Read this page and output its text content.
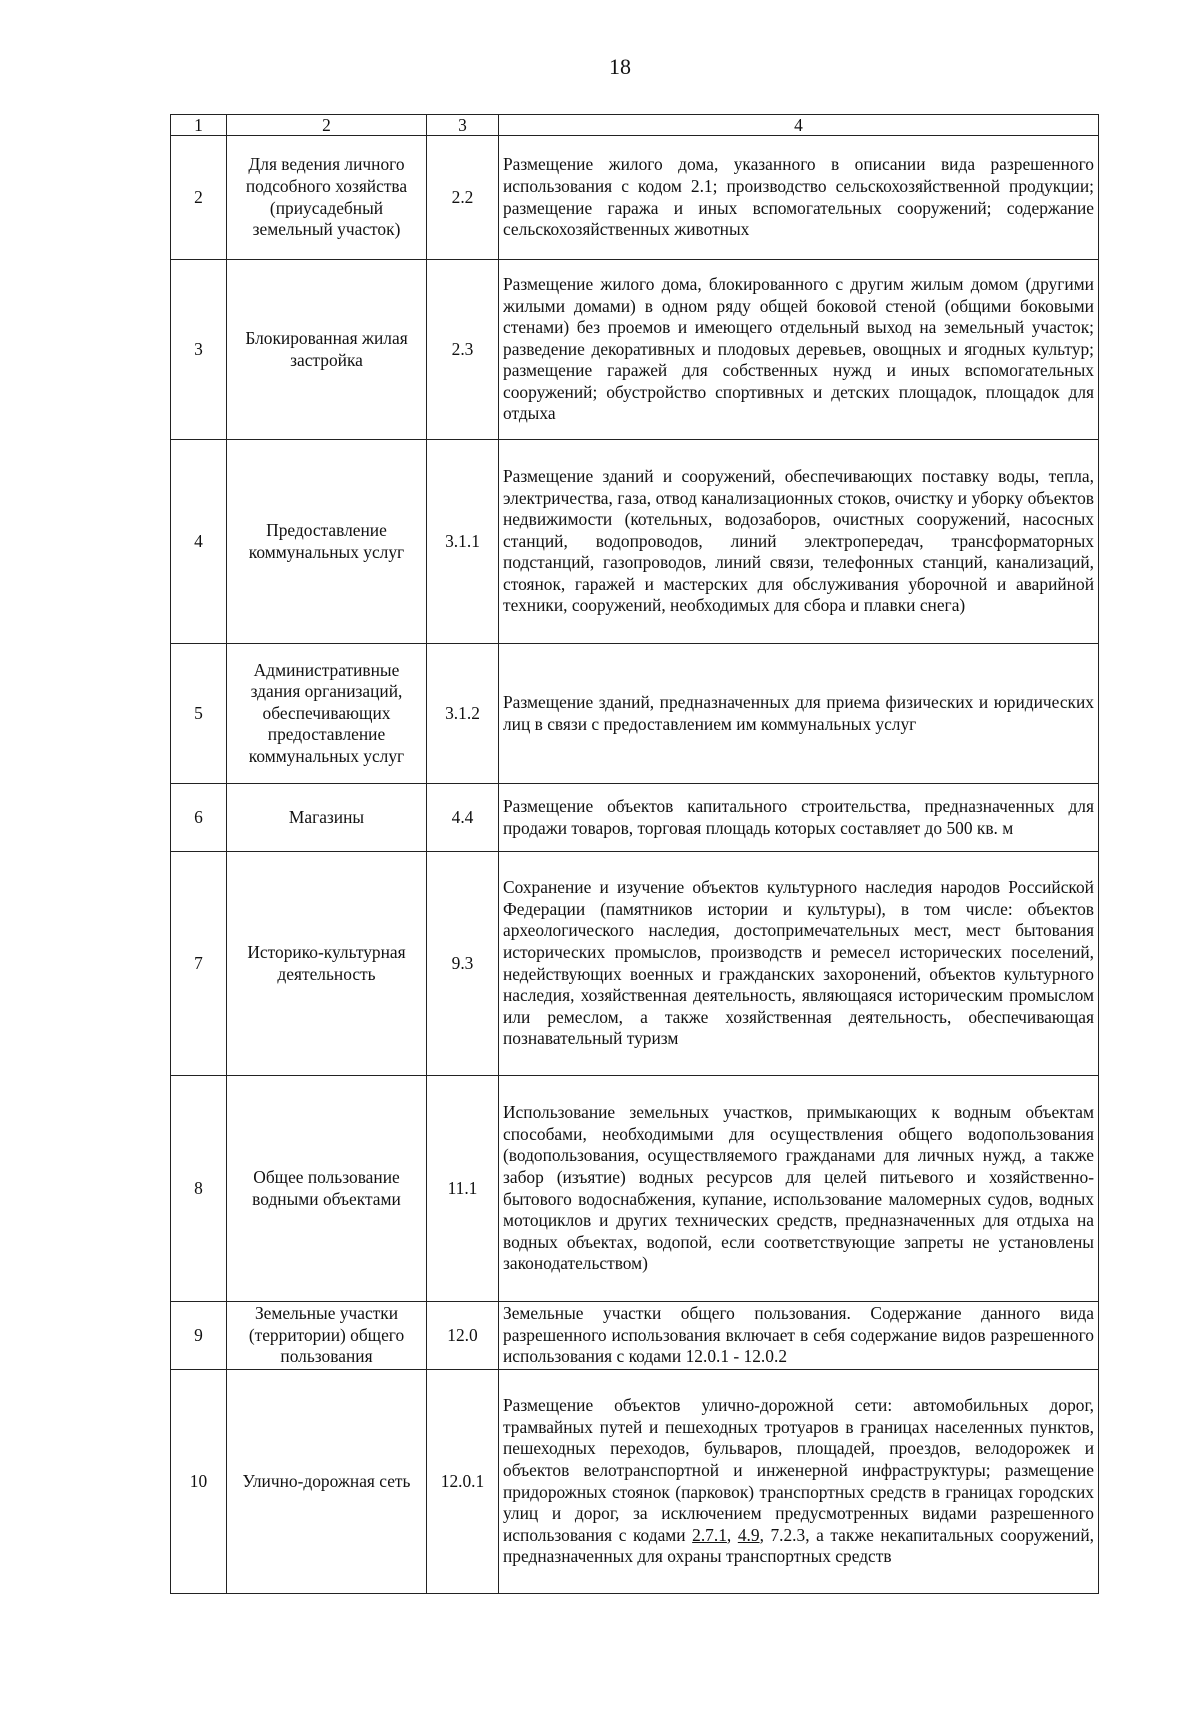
18
1	2	3	4
2	Для ведения личного подсобного хозяйства (приусадебный земельный участок)	2.2	Размещение жилого дома, указанного в описании вида разрешенного использования с кодом 2.1; производство сельскохозяйственной продукции; размещение гаража и иных вспомогательных сооружений; содержание сельскохозяйственных животных
3	Блокированная жилая застройка	2.3	Размещение жилого дома, блокированного с другим жилым домом (другими жилыми домами) в одном ряду общей боковой стеной (общими боковыми стенами) без проемов и имеющего отдельный выход на земельный участок; разведение декоративных и плодовых деревьев, овощных и ягодных культур; размещение гаражей для собственных нужд и иных вспомогательных сооружений; обустройство спортивных и детских площадок, площадок для отдыха
4	Предоставление коммунальных услуг	3.1.1	Размещение зданий и сооружений, обеспечивающих поставку воды, тепла, электричества, газа, отвод канализационных стоков, очистку и уборку объектов недвижимости (котельных, водозаборов, очистных сооружений, насосных станций, водопроводов, линий электропередач, трансформаторных подстанций, газопроводов, линий связи, телефонных станций, канализаций, стоянок, гаражей и мастерских для обслуживания уборочной и аварийной техники, сооружений, необходимых для сбора и плавки снега)
5	Административные здания организаций, обеспечивающих предоставление коммунальных услуг	3.1.2	Размещение зданий, предназначенных для приема физических и юридических лиц в связи с предоставлением им коммунальных услуг
6	Магазины	4.4	Размещение объектов капитального строительства, предназначенных для продажи товаров, торговая площадь которых составляет до 500 кв. м
7	Историко-культурная деятельность	9.3	Сохранение и изучение объектов культурного наследия народов Российской Федерации (памятников истории и культуры), в том числе: объектов археологического наследия, достопримечательных мест, мест бытования исторических промыслов, производств и ремесел исторических поселений, недействующих военных и гражданских захоронений, объектов культурного наследия, хозяйственная деятельность, являющаяся историческим промыслом или ремеслом, а также хозяйственная деятельность, обеспечивающая познавательный туризм
8	Общее пользование водными объектами	11.1	Использование земельных участков, примыкающих к водным объектам способами, необходимыми для осуществления общего водопользования (водопользования, осуществляемого гражданами для личных нужд, а также забор (изъятие) водных ресурсов для целей питьевого и хозяйственно-бытового водоснабжения, купание, использование маломерных судов, водных мотоциклов и других технических средств, предназначенных для отдыха на водных объектах, водопой, если соответствующие запреты не установлены законодательством)
9	Земельные участки (территории) общего пользования	12.0	Земельные участки общего пользования. Содержание данного вида разрешенного использования включает в себя содержание видов разрешенного использования с кодами 12.0.1 - 12.0.2
10	Улично-дорожная сеть	12.0.1	Размещение объектов улично-дорожной сети: автомобильных дорог, трамвайных путей и пешеходных тротуаров в границах населенных пунктов, пешеходных переходов, бульваров, площадей, проездов, велодорожек и объектов велотранспортной и инженерной инфраструктуры; размещение придорожных стоянок (парковок) транспортных средств в границах городских улиц и дорог, за исключением предусмотренных видами разрешенного использования с кодами 2.7.1, 4.9, 7.2.3, а также некапитальных сооружений, предназначенных для охраны транспортных средств
